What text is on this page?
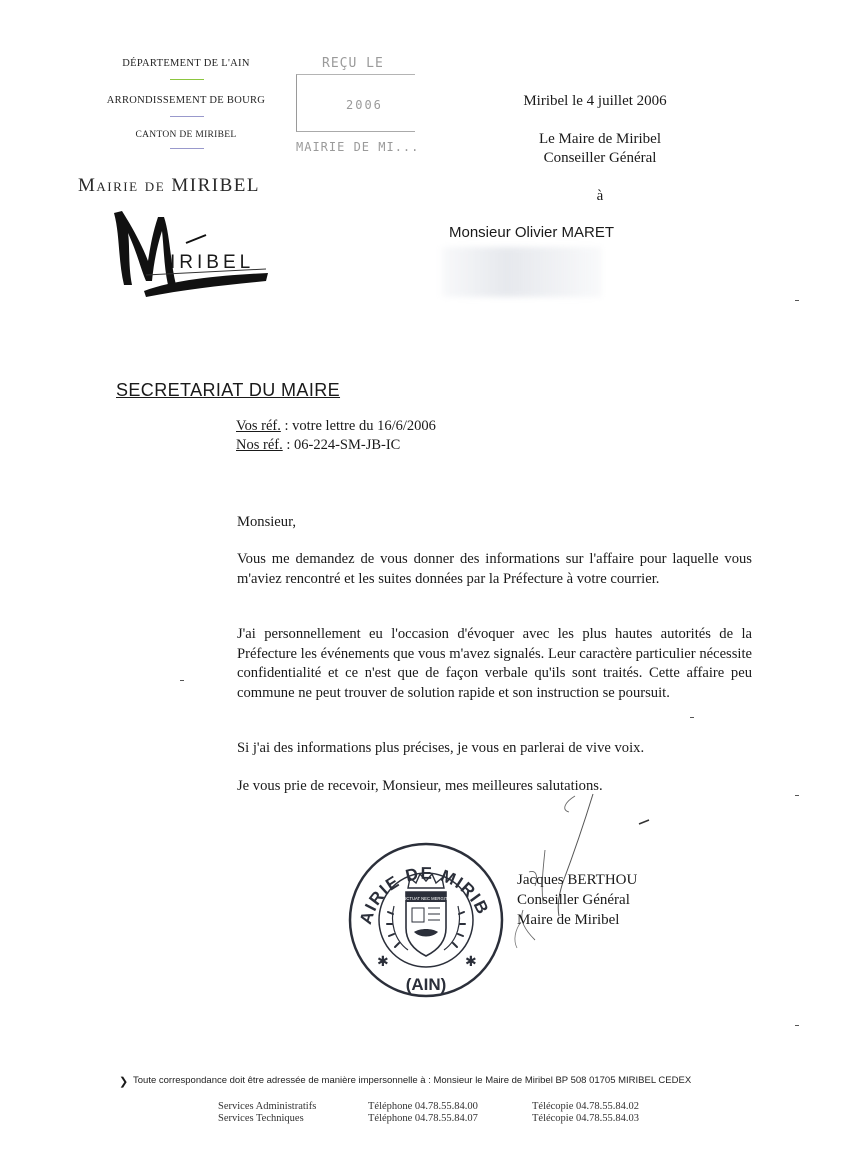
DÉPARTEMENT DE L'AIN
ARRONDISSEMENT DE BOURG
CANTON DE MIRIBEL
Mairie de MIRIBEL
IRIBEL
REÇU LE
2006
MAIRIE DE MI...
Miribel le 4 juillet 2006
Le Maire de Miribel
Conseiller Général
à
Monsieur Olivier MARET
SECRETARIAT DU MAIRE
Vos réf. : votre lettre du 16/6/2006
Nos réf. : 06-224-SM-JB-IC
Monsieur,
Vous me demandez de vous donner des informations sur l'affaire pour laquelle vous m'aviez rencontré et les suites données par la Préfecture à votre courrier.
J'ai personnellement eu l'occasion d'évoquer avec les plus hautes autorités de la Préfecture les événements que vous m'avez signalés. Leur caractère particulier nécessite confidentialité et ce n'est que de façon verbale qu'ils sont traités. Cette affaire peu commune ne peut trouver de solution rapide et son instruction se poursuit.
Si j'ai des informations plus précises, je vous en parlerai de vive voix.
Je vous prie de recevoir, Monsieur, mes meilleures salutations.
AIRIE DE MIRIB
(AIN)
✱	✱
FLUCTUAT NEC MERGITUR
Jacques BERTHOU
Conseiller Général
Maire de Miribel
❯ Toute correspondance doit être adressée de manière impersonnelle à : Monsieur le Maire de Miribel BP 508 01705 MIRIBEL CEDEX
Services Administratifs	Téléphone 04.78.55.84.00	Télécopie 04.78.55.84.02
Services Techniques	Téléphone 04.78.55.84.07	Télécopie 04.78.55.84.03
